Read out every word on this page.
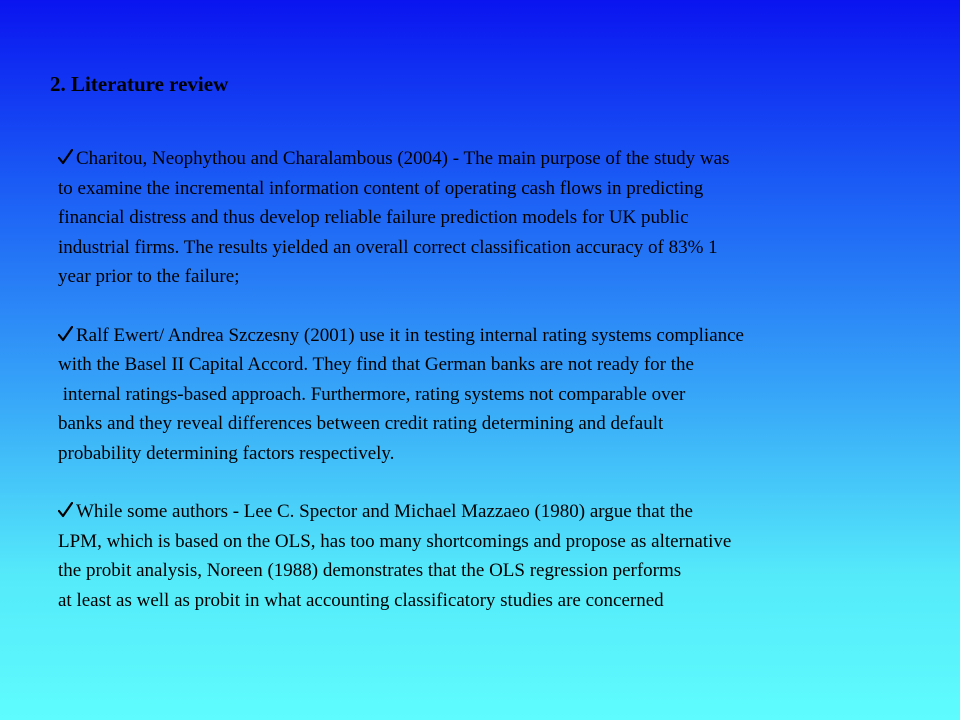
2. Literature review
Charitou, Neophythou and Charalambous (2004) - The main purpose of the study was
to examine the incremental information content of operating cash flows in predicting
financial distress and thus develop reliable failure prediction models for UK public
industrial firms. The results yielded an overall correct classification accuracy of 83% 1
year prior to the failure;
Ralf Ewert/ Andrea Szczesny (2001) use it in testing internal rating systems compliance
with the Basel II Capital Accord. They find that German banks are not ready for the
internal ratings-based approach. Furthermore, rating systems not comparable over
banks and they reveal differences between credit rating determining and default
probability determining factors respectively.
While some authors - Lee C. Spector and Michael Mazzaeo (1980) argue that the
LPM, which is based on the OLS, has too many shortcomings and propose as alternative
the probit analysis, Noreen (1988) demonstrates that the OLS regression performs
at least as well as probit in what accounting classificatory studies are concerned
